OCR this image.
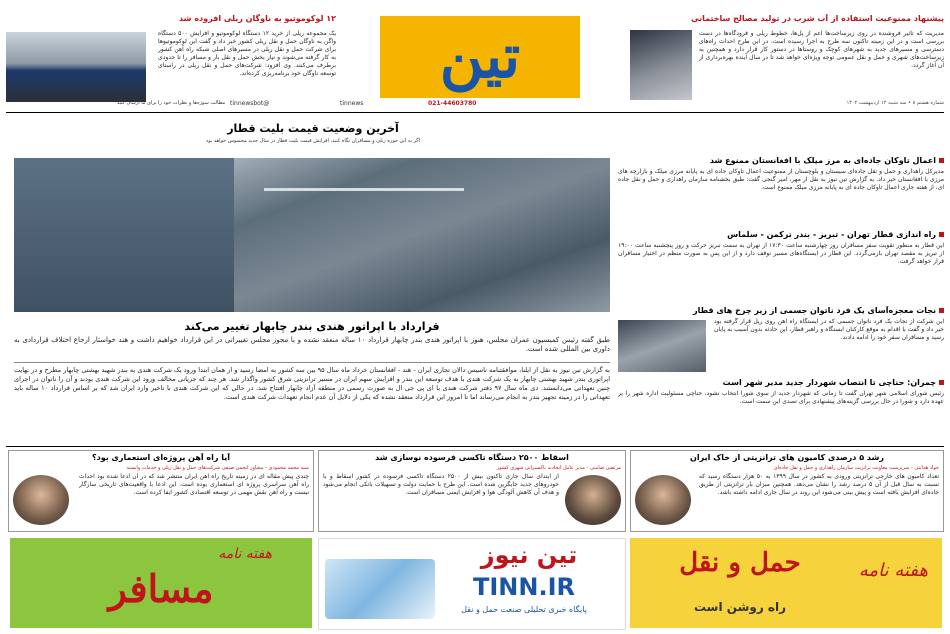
پیشنهاد ممنوعیت استفاده از آب شرب در تولید مصالح ساختمانی
مدیریت که تاثیر فروشنده در روی زیرساخت‌ها اعم از پل‌ها، خطوط ریلی و فرودگاه‌ها در دست بررسی است و در این زمینه تاکنون سه طرح به اجرا رسیده است. در این طرح احداث راه‌های دسترسی و مسیرهای جدید به شهرهای کوچک و روستاها در دستور کار قرار دارد و همچنین به زیرساخت‌های شهری و حمل و نقل عمومی توجه ویژه‌ای خواهد شد تا در سال آینده بهره‌برداری از آن آغاز گردد.
تین
@tinnewsbot	021-44603780
tinnews	شماره هشتم ۸ • سه شنبه ۱۲ اردیبهشت ۱۴۰۲
۱۲ لوکوموتیو به ناوگان ریلی افزوده شد
یک مجموعه ریلی از خرید ۱۲ دستگاه لوکوموتیو و افزایش ۵۰۰ دستگاه واگن به ناوگان حمل و نقل ریلی کشور خبر داد و گفت این لوکوموتیوها برای شرکت حمل و نقل ریلی در مسیرهای اصلی شبکه راه آهن کشور به کار گرفته می‌شوند و نیاز بخش حمل و نقل بار و مسافر را تا حدودی برطرف می‌کنند. وی افزود: شرکت‌های حمل و نقل ریلی در راستای توسعه ناوگان خود برنامه‌ریزی کرده‌اند.
مطالب سوژه‌ها و نظرات خود را برای ما ارسال کنید
آخرین وضعیت قیمت بلیت قطار
اگر به این حوزه ریلی و مسافران نگاه کنید، افزایش قیمت بلیت قطار در سال جدید محسوس خواهد بود
قرارداد با اپراتور هندی بندر چابهار تغییر می‌کند
طبق گفته رئیس کمیسیون عمران مجلس، هنوز با اپراتور هندی بندر چابهار قرارداد ۱۰ ساله منعقد نشده و با مجوز مجلس تغییراتی در این قرارداد خواهیم داشت و هند خواستار ارجاع اختلاف قراردادی به داوری بین المللی شده است.
به گزارش تین نیوز به نقل از ایلنا، موافقتنامه تاسیس دالان تجاری ایران - هند - افغانستان خرداد ماه سال ۹۵ بین سه کشور به امضا رسید و از همان ابتدا ورود یک شرکت هندی به بندر شهید بهشتی چابهار مطرح و در نهایت اپراتوری بندر شهید بهشتی چابهار به یک شرکت هندی با هدف توسعه این بندر و افزایش سهم ایران در مسیر ترانزیتی شرق کشور واگذار شد. هر چند که جریانی مخالف ورود این شرکت هندی بودند و آن را ناتوان در اجرای چنین تعهداتی می‌دانستند. دی ماه سال ۹۷ دفتر شرکت هندی با ای پی جی ال به صورت رسمی در منطقه آزاد چابهار افتتاح شد. در حالی که این شرکت هندی با تاخیر وارد ایران شد که بر اساس قرارداد ۱۰ ساله باید تعهداتی را در زمینه تجهیز بندر به انجام می‌رساند اما تا امروز این قرارداد منعقد نشده که یکی از دلایل آن عدم انجام تعهدات شرکت هندی است.
اعمال تاوکان جاده‌ای به مرز میلک با افغانستان ممنوع شد
مدیرکل راهداری و حمل و نقل جاده‌ای سیستان و بلوچستان از ممنوعیت اعمال تاوکان جاده ای به پایانه مرزی میلک و بازارچه های مرزی با افغانستان خبر داد. به گزارش تین نیوز به نقل از مهر، امیر گنجی گفت: طبق بخشنامه سازمان راهداری و حمل و نقل جاده ای، از هفته جاری اعمال تاوکان جاده ای به پایانه مرزی میلک ممنوع است.
راه اندازی قطار تهران - تبریز - بندر ترکمن - سلماس
این قطار به منظور تقویت سفر مسافران روز چهارشنبه ساعت ۱۷:۳۰ از تهران به سمت تبریز حرکت و روز پنجشنبه ساعت ۱۹:۰۰ از تبریز به مقصد تهران بازمی‌گردد. این قطار در ایستگاه‌های مسیر توقف دارد و از این پس به صورت منظم در اختیار مسافران قرار خواهد گرفت.
نجات معجزه‌آسای یک فرد ناتوان جسمی از زیر چرخ های قطار
این شرکت از نجات یک فرد ناتوان جسمی که در ایستگاه راه آهن روی ریل قرار گرفته بود خبر داد و گفت با اقدام به موقع کارکنان ایستگاه و راهبر قطار، این حادثه بدون آسیب به پایان رسید و مسافران سفر خود را ادامه دادند.
چمران: حناچی تا انتصاب شهردار جدید مدیر شهر است
رئیس شورای اسلامی شهر تهران گفت تا زمانی که شهردار جدید از سوی شورا انتخاب نشود، حناچی مسئولیت اداره شهر را بر عهده دارد و شورا در حال بررسی گزینه‌های پیشنهادی برای تصدی این سمت است.
رشد ۵ درصدی کامیون های ترانزیتی از خاک ایران
جواد هدایتی - سرپرست معاونت ترانزیت سازمان راهداری و حمل و نقل جاده‌ای
تعداد کامیون های خارجی ترانزیتی ورودی به کشور در سال ۱۳۹۹ به ۵۰ هزار دستگاه رسید که نسبت به سال قبل از آن ۵ درصد رشد را نشان می‌دهد. همچنین میزان بار ترانزیتی از طریق جاده‌ای افزایش یافته است و پیش بینی می‌شود این روند در سال جاری ادامه داشته باشد.
اسقاط ۲۵۰۰ دستگاه تاکسی فرسوده نوسازی شد
مرتضی ضامنی - مدیر عامل اتحادیه تاکسیرانی شهری کشور
از ابتدای سال جاری تاکنون بیش از ۲۵۰۰ دستگاه تاکسی فرسوده در کشور اسقاط و با خودروهای جدید جایگزین شده است. این طرح با حمایت دولت و تسهیلات بانکی انجام می‌شود و هدف آن کاهش آلودگی هوا و افزایش ایمنی مسافران است.
آیا راه آهن پروژه‌ای استعماری بود؟
سید محمد محمودی - مشاور انجمن صنفی شرکت‌های حمل و نقل ریلی و خدمات وابسته
چندی پیش مقاله ای در زمینه تاریخ راه آهن ایران منتشر شد که در آن ادعا شده بود احداث راه آهن سراسری پروژه ای استعماری بوده است. این ادعا با واقعیت‌های تاریخی سازگار نیست و راه آهن نقش مهمی در توسعه اقتصادی کشور ایفا کرده است.
هفته نامه
مسافر
تین نیوز
TINN.IR
پایگاه خبری تحلیلی صنعت حمل و نقل
هفته نامه
حمل و نقل
راه روشن است
